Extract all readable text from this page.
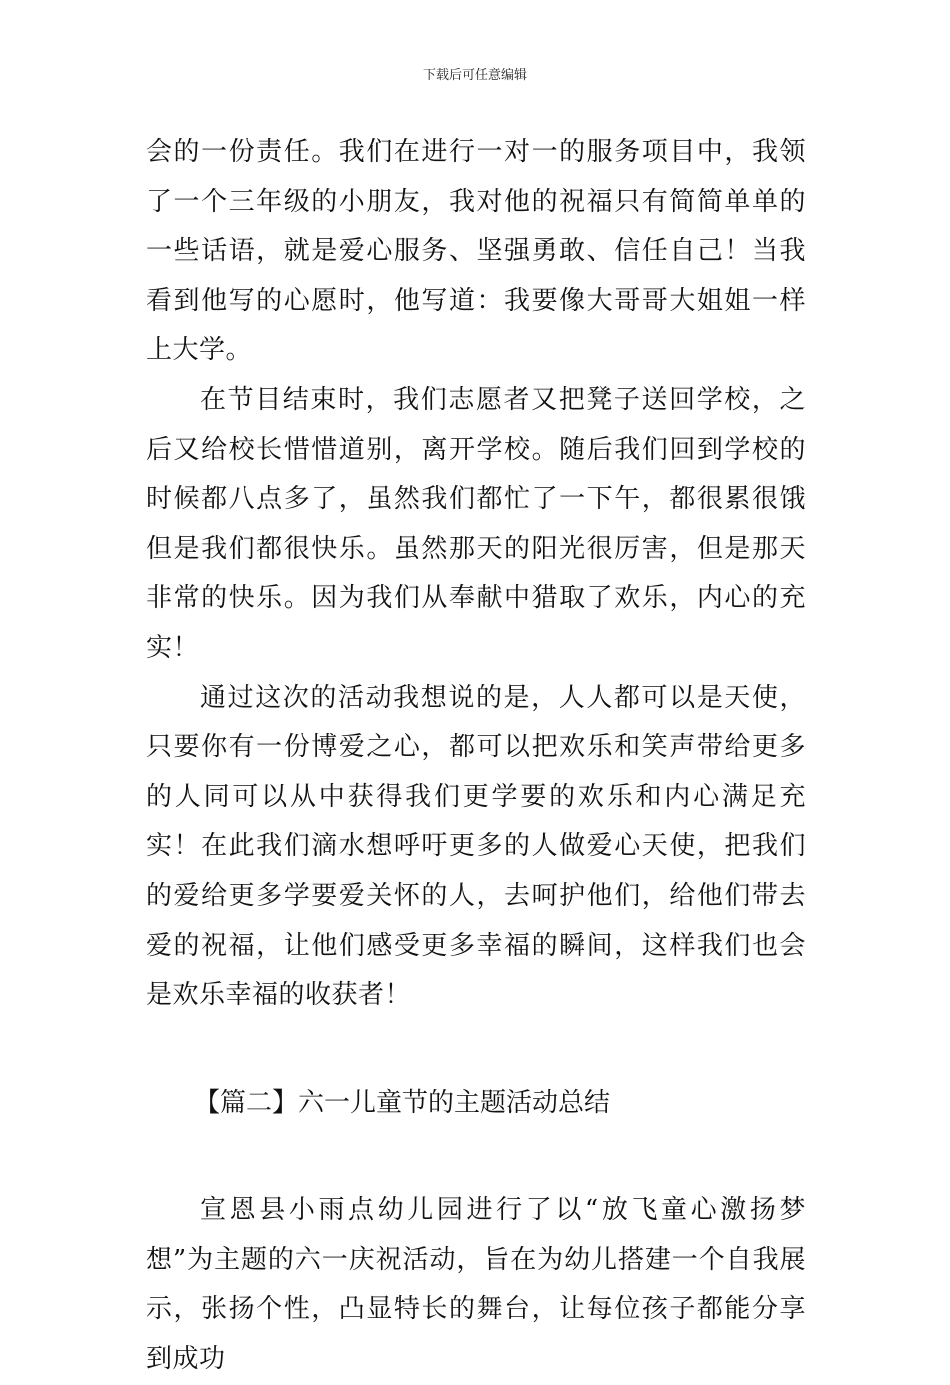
下载后可任意编辑

会的一份责任。我们在进行一对一的服务项目中，我领了一个三年级的小朋友，我对他的祝福只有简简单单的一些话语，就是爱心服务、坚强勇敢、信任自己！当我看到他写的心愿时，他写道：我要像大哥哥大姐姐一样上大学。

在节目结束时，我们志愿者又把凳子送回学校，之后又给校长惜惜道别，离开学校。随后我们回到学校的时候都八点多了，虽然我们都忙了一下午，都很累很饿但是我们都很快乐。虽然那天的阳光很厉害，但是那天非常的快乐。因为我们从奉献中猎取了欢乐，内心的充实！

通过这次的活动我想说的是，人人都可以是天使，只要你有一份博爱之心，都可以把欢乐和笑声带给更多的人同可以从中获得我们更学要的欢乐和内心满足充实！在此我们滴水想呼吁更多的人做爱心天使，把我们的爱给更多学要爱关怀的人，去呵护他们，给他们带去爱的祝福，让他们感受更多幸福的瞬间，这样我们也会是欢乐幸福的收获者！

【篇二】六一儿童节的主题活动总结

宣恩县小雨点幼儿园进行了以“放飞童心激扬梦想”为主题的六一庆祝活动，旨在为幼儿搭建一个自我展示，张扬个性，凸显特长的舞台，让每位孩子都能分享到成功
